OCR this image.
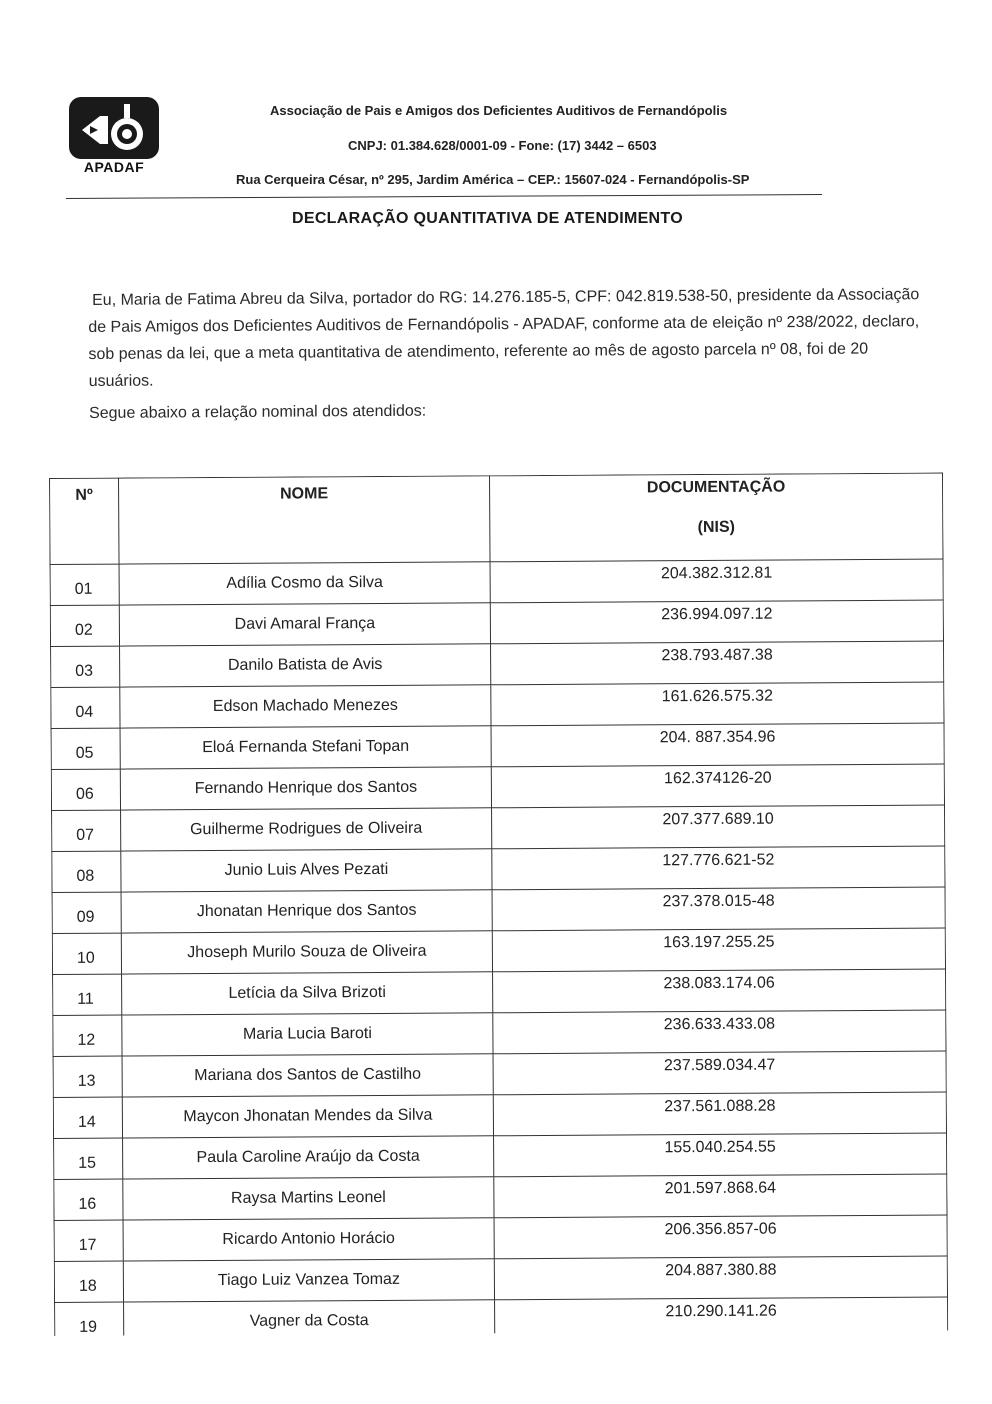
APADAF
Associação de Pais e Amigos dos Deficientes Auditivos de Fernandópolis
CNPJ: 01.384.628/0001-09 - Fone: (17) 3442 – 6503
Rua Cerqueira César, nº 295, Jardim América – CEP.: 15607-024 - Fernandópolis-SP
DECLARAÇÃO QUANTITATIVA DE ATENDIMENTO
Eu, Maria de Fatima Abreu da Silva, portador do RG: 14.276.185-5, CPF: 042.819.538-50, presidente da Associação de Pais Amigos dos Deficientes Auditivos de Fernandópolis - APADAF, conforme ata de eleição nº 238/2022, declaro, sob penas da lei, que a meta quantitativa de atendimento, referente ao mês de agosto parcela nº 08, foi de 20 usuários.
Segue abaixo a relação nominal dos atendidos:
Nº	NOME	DOCUMENTAÇÃO
(NIS)

01	Adília Cosmo da Silva	204.382.312.81
02	Davi Amaral França	236.994.097.12
03	Danilo Batista de Avis	238.793.487.38
04	Edson Machado Menezes	161.626.575.32
05	Eloá Fernanda Stefani Topan	204. 887.354.96
06	Fernando Henrique dos Santos	162.374126-20
07	Guilherme Rodrigues de Oliveira	207.377.689.10
08	Junio Luis Alves Pezati	127.776.621-52
09	Jhonatan Henrique dos Santos	237.378.015-48
10	Jhoseph Murilo Souza de Oliveira	163.197.255.25
11	Letícia da Silva Brizoti	238.083.174.06
12	Maria Lucia Baroti	236.633.433.08
13	Mariana dos Santos de Castilho	237.589.034.47
14	Maycon Jhonatan Mendes da Silva	237.561.088.28
15	Paula Caroline Araújo da Costa	155.040.254.55
16	Raysa Martins Leonel	201.597.868.64
17	Ricardo Antonio Horácio	206.356.857-06
18	Tiago Luiz Vanzea Tomaz	204.887.380.88
19	Vagner da Costa	210.290.141.26
